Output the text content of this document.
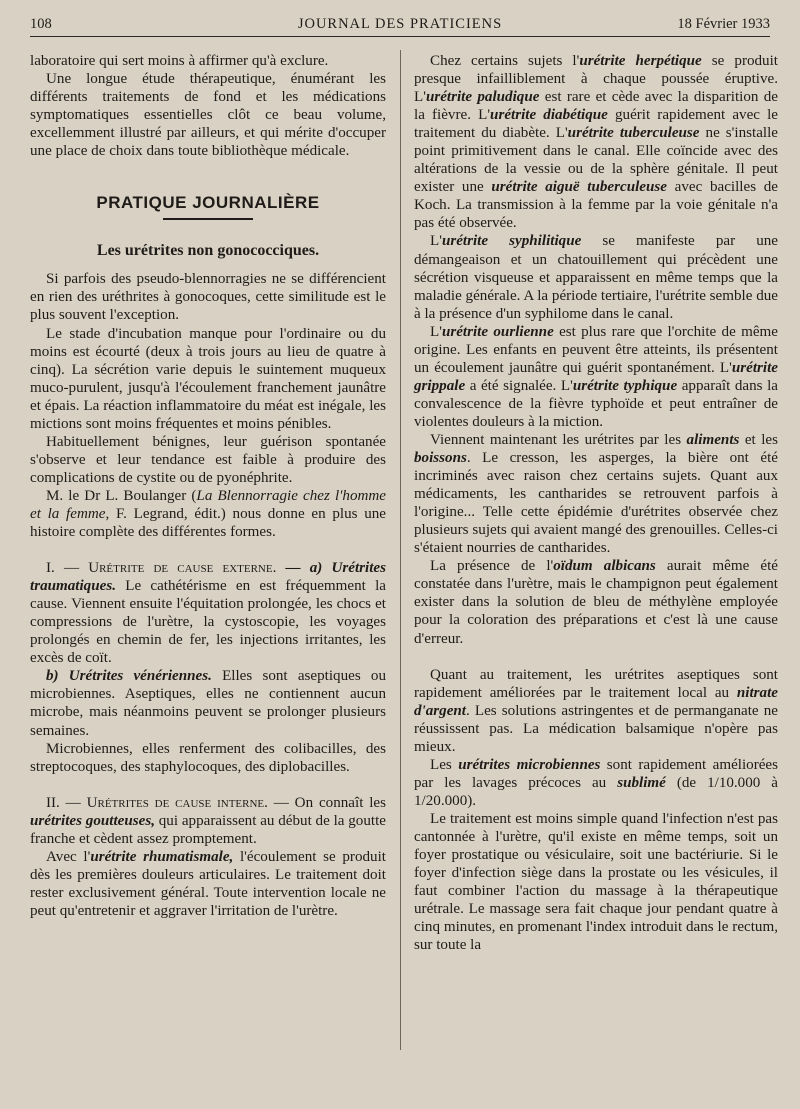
108	JOURNAL DES PRATICIENS	18 Février 1933

laboratoire qui sert moins à affirmer qu'à exclure.

Une longue étude thérapeutique, énumérant les différents traitements de fond et les médications symptomatiques essentielles clôt ce beau volume, excellemment illustré par ailleurs, et qui mérite d'occuper une place de choix dans toute bibliothèque médicale.

PRATIQUE JOURNALIÈRE
Les urétrites non gonococciques.

Si parfois des pseudo-blennorragies ne se différencient en rien des uréthrites à gonocoques, cette similitude est le plus souvent l'exception.

Le stade d'incubation manque pour l'ordinaire ou du moins est écourté (deux à trois jours au lieu de quatre à cinq). La sécrétion varie depuis le suintement muqueux muco-purulent, jusqu'à l'écoulement franchement jaunâtre et épais. La réaction inflammatoire du méat est inégale, les mictions sont moins fréquentes et moins pénibles.

Habituellement bénignes, leur guérison spontanée s'observe et leur tendance est faible à produire des complications de cystite ou de pyonéphrite.

M. le Dr L. Boulanger (La Blennorragie chez l'homme et la femme, F. Legrand, édit.) nous donne en plus une histoire complète des différentes formes.

I. — Urétrite de cause externe. — a) Urétrites traumatiques. Le cathétérisme en est fréquemment la cause. Viennent ensuite l'équitation prolongée, les chocs et compressions de l'urètre, la cystoscopie, les voyages prolongés en chemin de fer, les injections irritantes, les excès de coït.

b) Urétrites vénériennes. Elles sont aseptiques ou microbiennes. Aseptiques, elles ne contiennent aucun microbe, mais néanmoins peuvent se prolonger plusieurs semaines.

Microbiennes, elles renferment des colibacilles, des streptocoques, des staphylocoques, des diplobacilles.

II. — Urétrites de cause interne. — On connaît les urétrites goutteuses, qui apparaissent au début de la goutte franche et cèdent assez promptement.

Avec l'urétrite rhumatismale, l'écoulement se produit dès les premières douleurs articulaires. Le traitement doit rester exclusivement général. Toute intervention locale ne peut qu'entretenir et aggraver l'irritation de l'urètre.

Chez certains sujets l'urétrite herpétique se produit presque infailliblement à chaque poussée éruptive. L'urétrite paludique est rare et cède avec la disparition de la fièvre. L'urétrite diabétique guérit rapidement avec le traitement du diabète. L'urétrite tuberculeuse ne s'installe point primitivement dans le canal. Elle coïncide avec des altérations de la vessie ou de la sphère génitale. Il peut exister une urétrite aiguë tuberculeuse avec bacilles de Koch. La transmission à la femme par la voie génitale n'a pas été observée.

L'urétrite syphilitique se manifeste par une démangeaison et un chatouillement qui précèdent une sécrétion visqueuse et apparaissent en même temps que la maladie générale. A la période tertiaire, l'urétrite semble due à la présence d'un syphilome dans le canal.

L'urétrite ourlienne est plus rare que l'orchite de même origine. Les enfants en peuvent être atteints, ils présentent un écoulement jaunâtre qui guérit spontanément. L'urétrite grippale a été signalée. L'urétrite typhique apparaît dans la convalescence de la fièvre typhoïde et peut entraîner de violentes douleurs à la miction.

Viennent maintenant les urétrites par les aliments et les boissons. Le cresson, les asperges, la bière ont été incriminés avec raison chez certains sujets. Quant aux médicaments, les cantharides se retrouvent parfois à l'origine... Telle cette épidémie d'urétrites observée chez plusieurs sujets qui avaient mangé des grenouilles. Celles-ci s'étaient nourries de cantharides.

La présence de l'oïdum albicans aurait même été constatée dans l'urètre, mais le champignon peut également exister dans la solution de bleu de méthylène employée pour la coloration des préparations et c'est là une cause d'erreur.

Quant au traitement, les urétrites aseptiques sont rapidement améliorées par le traitement local au nitrate d'argent. Les solutions astringentes et de permanganate ne réussissent pas. La médication balsamique n'opère pas mieux.

Les urétrites microbiennes sont rapidement améliorées par les lavages précoces au sublimé (de 1/10.000 à 1/20.000).

Le traitement est moins simple quand l'infection n'est pas cantonnée à l'urètre, qu'il existe en même temps, soit un foyer prostatique ou vésiculaire, soit une bactériurie. Si le foyer d'infection siège dans la prostate ou les vésicules, il faut combiner l'action du massage à la thérapeutique urétrale. Le massage sera fait chaque jour pendant quatre à cinq minutes, en promenant l'index introduit dans le rectum, sur toute la
